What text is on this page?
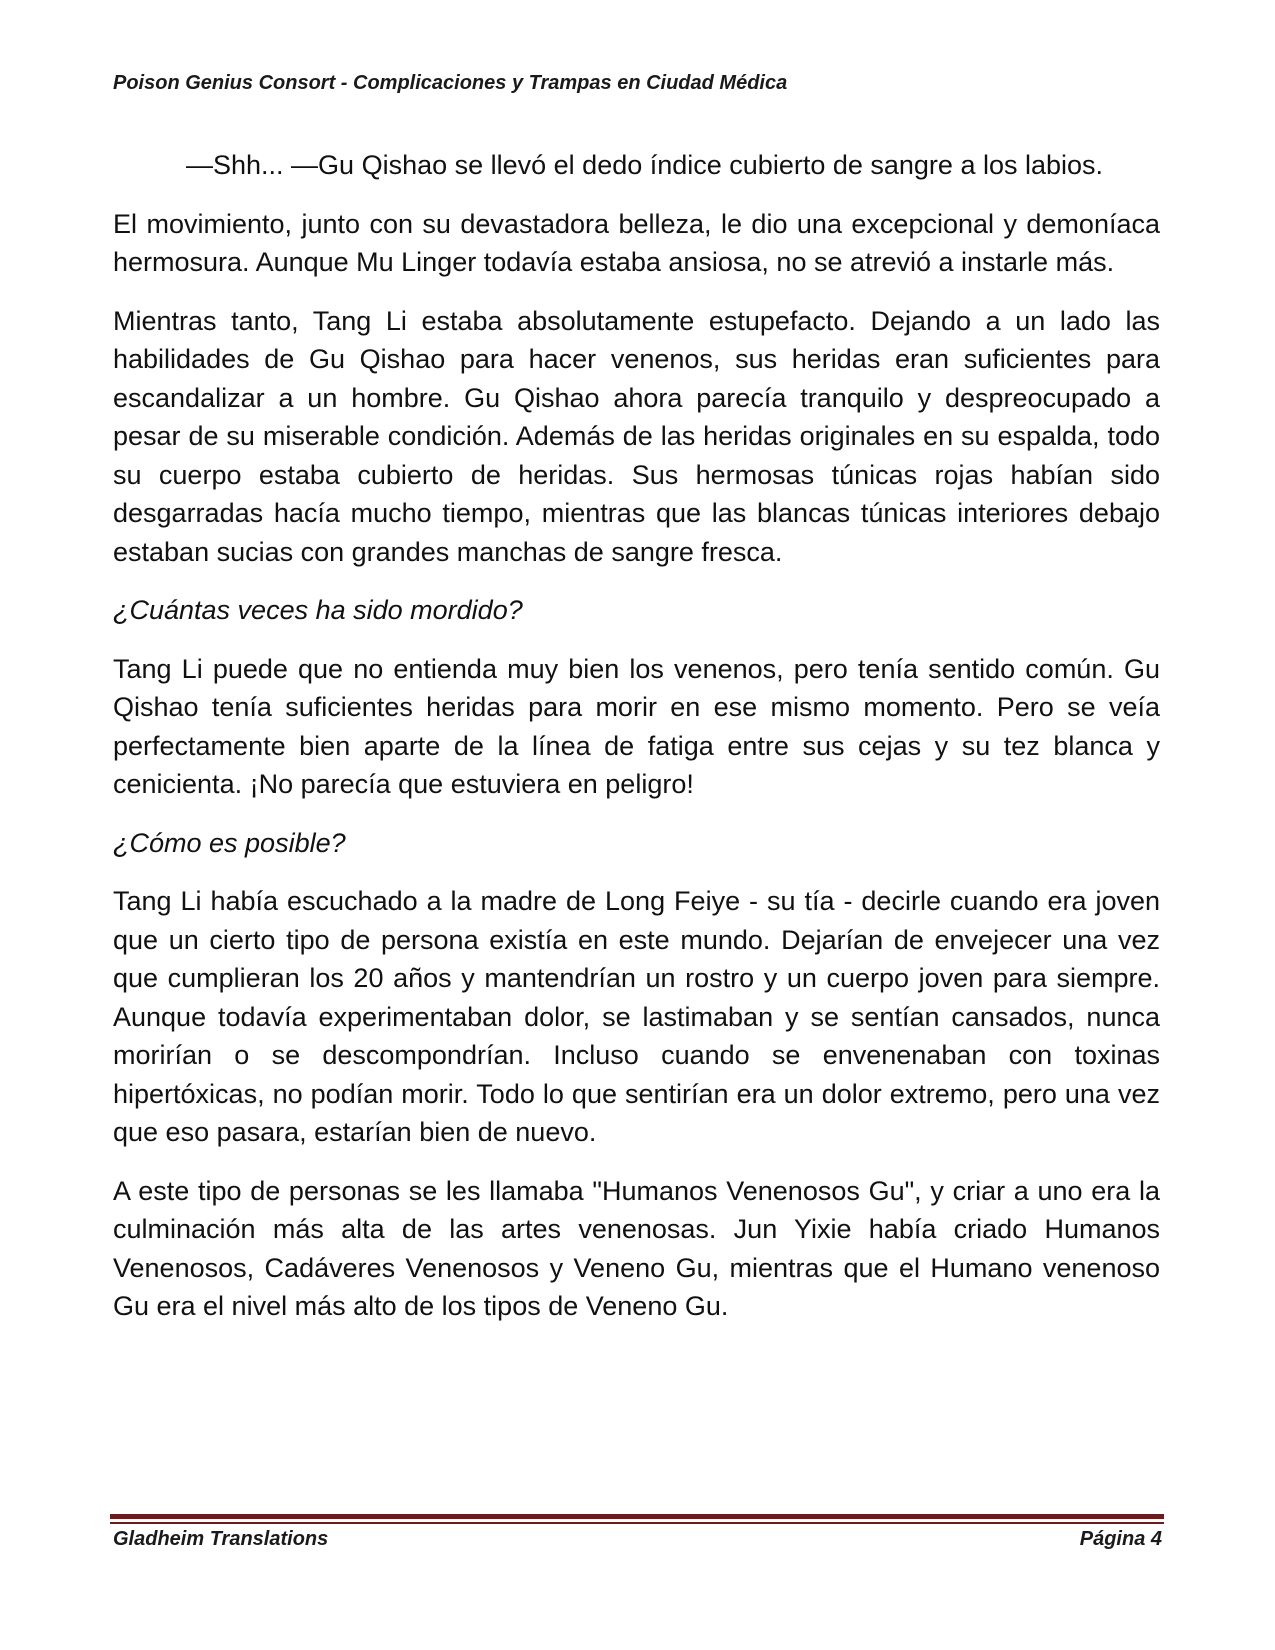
Poison Genius Consort - Complicaciones y Trampas en Ciudad Médica

—Shh... —Gu Qishao se llevó el dedo índice cubierto de sangre a los labios.

El movimiento, junto con su devastadora belleza, le dio una excepcional y demoníaca hermosura. Aunque Mu Linger todavía estaba ansiosa, no se atrevió a instarle más.

Mientras tanto, Tang Li estaba absolutamente estupefacto. Dejando a un lado las habilidades de Gu Qishao para hacer venenos, sus heridas eran suficientes para escandalizar a un hombre. Gu Qishao ahora parecía tranquilo y despreocupado a pesar de su miserable condición. Además de las heridas originales en su espalda, todo su cuerpo estaba cubierto de heridas. Sus hermosas túnicas rojas habían sido desgarradas hacía mucho tiempo, mientras que las blancas túnicas interiores debajo estaban sucias con grandes manchas de sangre fresca.

¿Cuántas veces ha sido mordido?

Tang Li puede que no entienda muy bien los venenos, pero tenía sentido común. Gu Qishao tenía suficientes heridas para morir en ese mismo momento. Pero se veía perfectamente bien aparte de la línea de fatiga entre sus cejas y su tez blanca y cenicienta. ¡No parecía que estuviera en peligro!

¿Cómo es posible?

Tang Li había escuchado a la madre de Long Feiye - su tía - decirle cuando era joven que un cierto tipo de persona existía en este mundo. Dejarían de envejecer una vez que cumplieran los 20 años y mantendrían un rostro y un cuerpo joven para siempre. Aunque todavía experimentaban dolor, se lastimaban y se sentían cansados, nunca morirían o se descompondrían. Incluso cuando se envenenaban con toxinas hipertóxicas, no podían morir. Todo lo que sentirían era un dolor extremo, pero una vez que eso pasara, estarían bien de nuevo.

A este tipo de personas se les llamaba "Humanos Venenosos Gu", y criar a uno era la culminación más alta de las artes venenosas. Jun Yixie había criado Humanos Venenosos, Cadáveres Venenosos y Veneno Gu, mientras que el Humano venenoso Gu era el nivel más alto de los tipos de Veneno Gu.

Gladheim Translations	Página 4
